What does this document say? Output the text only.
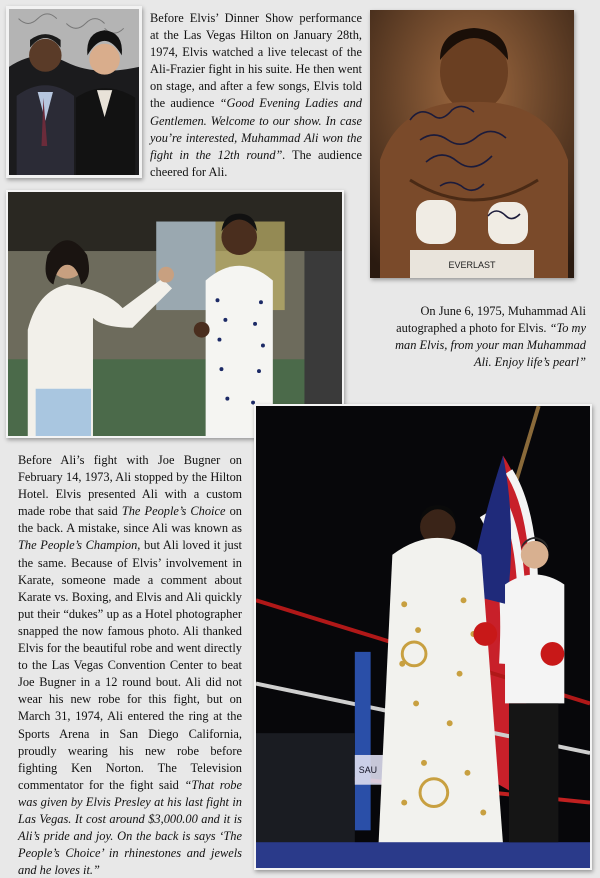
Before Elvis’ Dinner Show performance at the Las Vegas Hilton on January 28th, 1974, Elvis watched a live telecast of the Ali-Frazier fight in his suite. He then went on stage, and after a few songs, Elvis told the audience “Good Evening Ladies and Gentlemen. Welcome to our show. In case you’re interested, Muhammad Ali won the fight in the 12th round”. The audience cheered for Ali.
EVERLAST
On June 6, 1975, Muhammad Ali autographed a photo for Elvis. “To my man Elvis, from your man Muhammad Ali. Enjoy life’s pearl”
Before Ali’s fight with Joe Bugner on February 14, 1973, Ali stopped by the Hilton Hotel. Elvis presented Ali with a custom made robe that said The People’s Choice on the back. A mistake, since Ali was known as The People’s Champion, but Ali loved it just the same. Because of Elvis’ involvement in Karate, someone made a comment about Karate vs. Boxing, and Elvis and Ali quickly put their “dukes” up as a Hotel photographer snapped the now famous photo. Ali thanked Elvis for the beautiful robe and went directly to the Las Vegas Convention Center to beat Joe Bugner in a 12 round bout. Ali did not wear his new robe for this fight, but on March 31, 1974, Ali entered the ring at the Sports Arena in San Diego California, proudly wearing his new robe before fighting Ken Norton. The Television commentator for the fight said “That robe was given by Elvis Presley at his last fight in Las Vegas. It cost around $3,000.00 and it is Ali’s pride and joy. On the back is says ‘The People’s Choice’ in rhinestones and jewels and he loves it.”
SAU
